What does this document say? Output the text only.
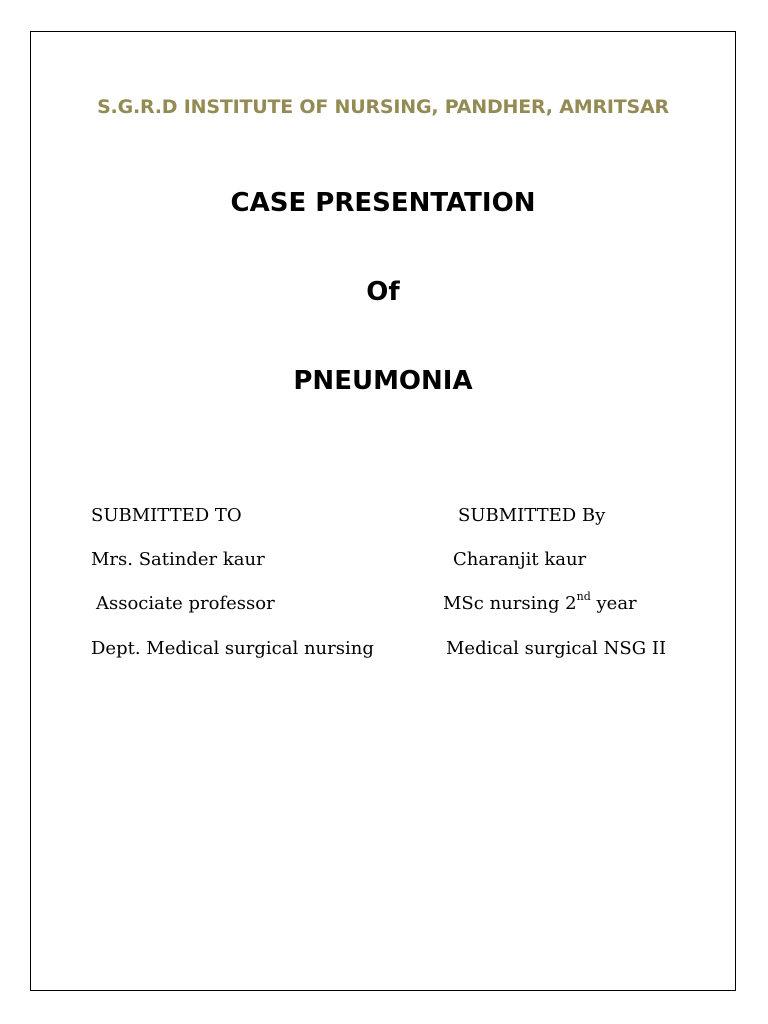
S.G.R.D INSTITUTE OF NURSING, PANDHER, AMRITSAR
CASE PRESENTATION
Of
PNEUMONIA
SUBMITTED TO
Mrs. Satinder kaur
Associate professor
Dept. Medical surgical nursing
SUBMITTED By
Charanjit kaur
MSc nursing 2nd year
Medical surgical NSG II
